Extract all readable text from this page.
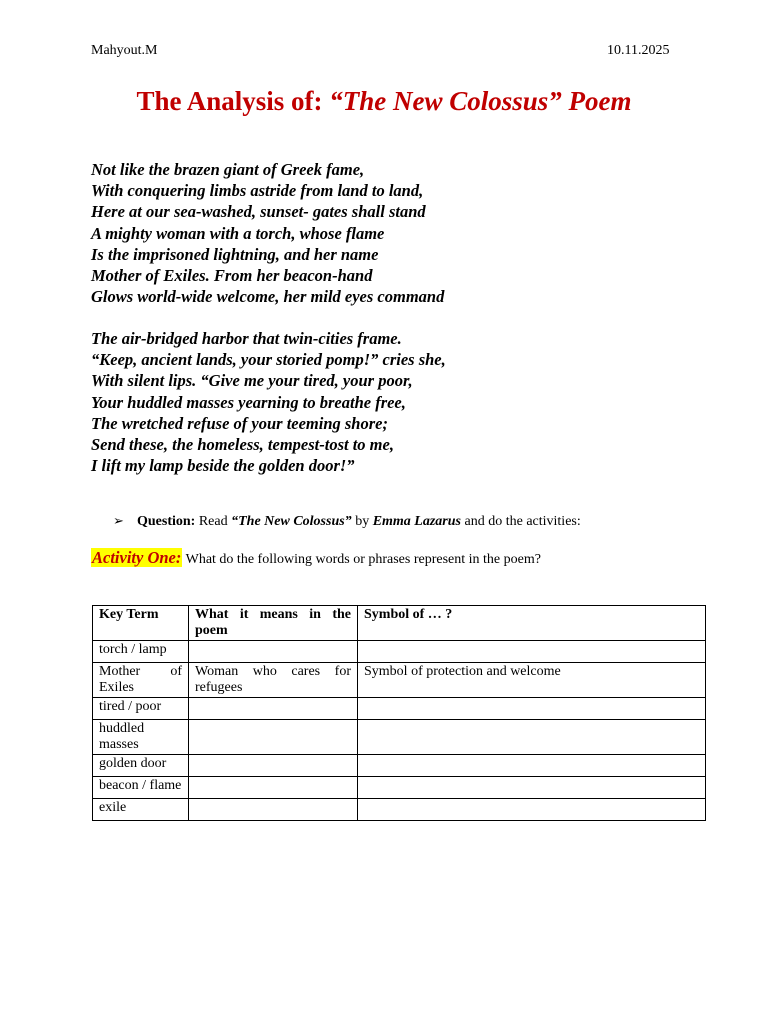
Mahyout.M	10.11.2025
The Analysis of: “The New Colossus” Poem
Not like the brazen giant of Greek fame,
With conquering limbs astride from land to land,
Here at our sea-washed, sunset- gates shall stand
A mighty woman with a torch, whose flame
Is the imprisoned lightning, and her name
Mother of Exiles. From her beacon-hand
Glows world-wide welcome, her mild eyes command
The air-bridged harbor that twin-cities frame.
“Keep, ancient lands, your storied pomp!” cries she,
With silent lips. “Give me your tired, your poor,
Your huddled masses yearning to breathe free,
The wretched refuse of your teeming shore;
Send these, the homeless, tempest-tost to me,
I lift my lamp beside the golden door!”
➢ Question: Read “The New Colossus” by Emma Lazarus and do the activities:
Activity One: What do the following words or phrases represent in the poem?
Key Term	What it means in the poem	Symbol of … ?
torch / lamp		
Mother of Exiles	Woman who cares for refugees	Symbol of protection and welcome
tired / poor		
huddled masses		
golden door		
beacon / flame		
exile		
